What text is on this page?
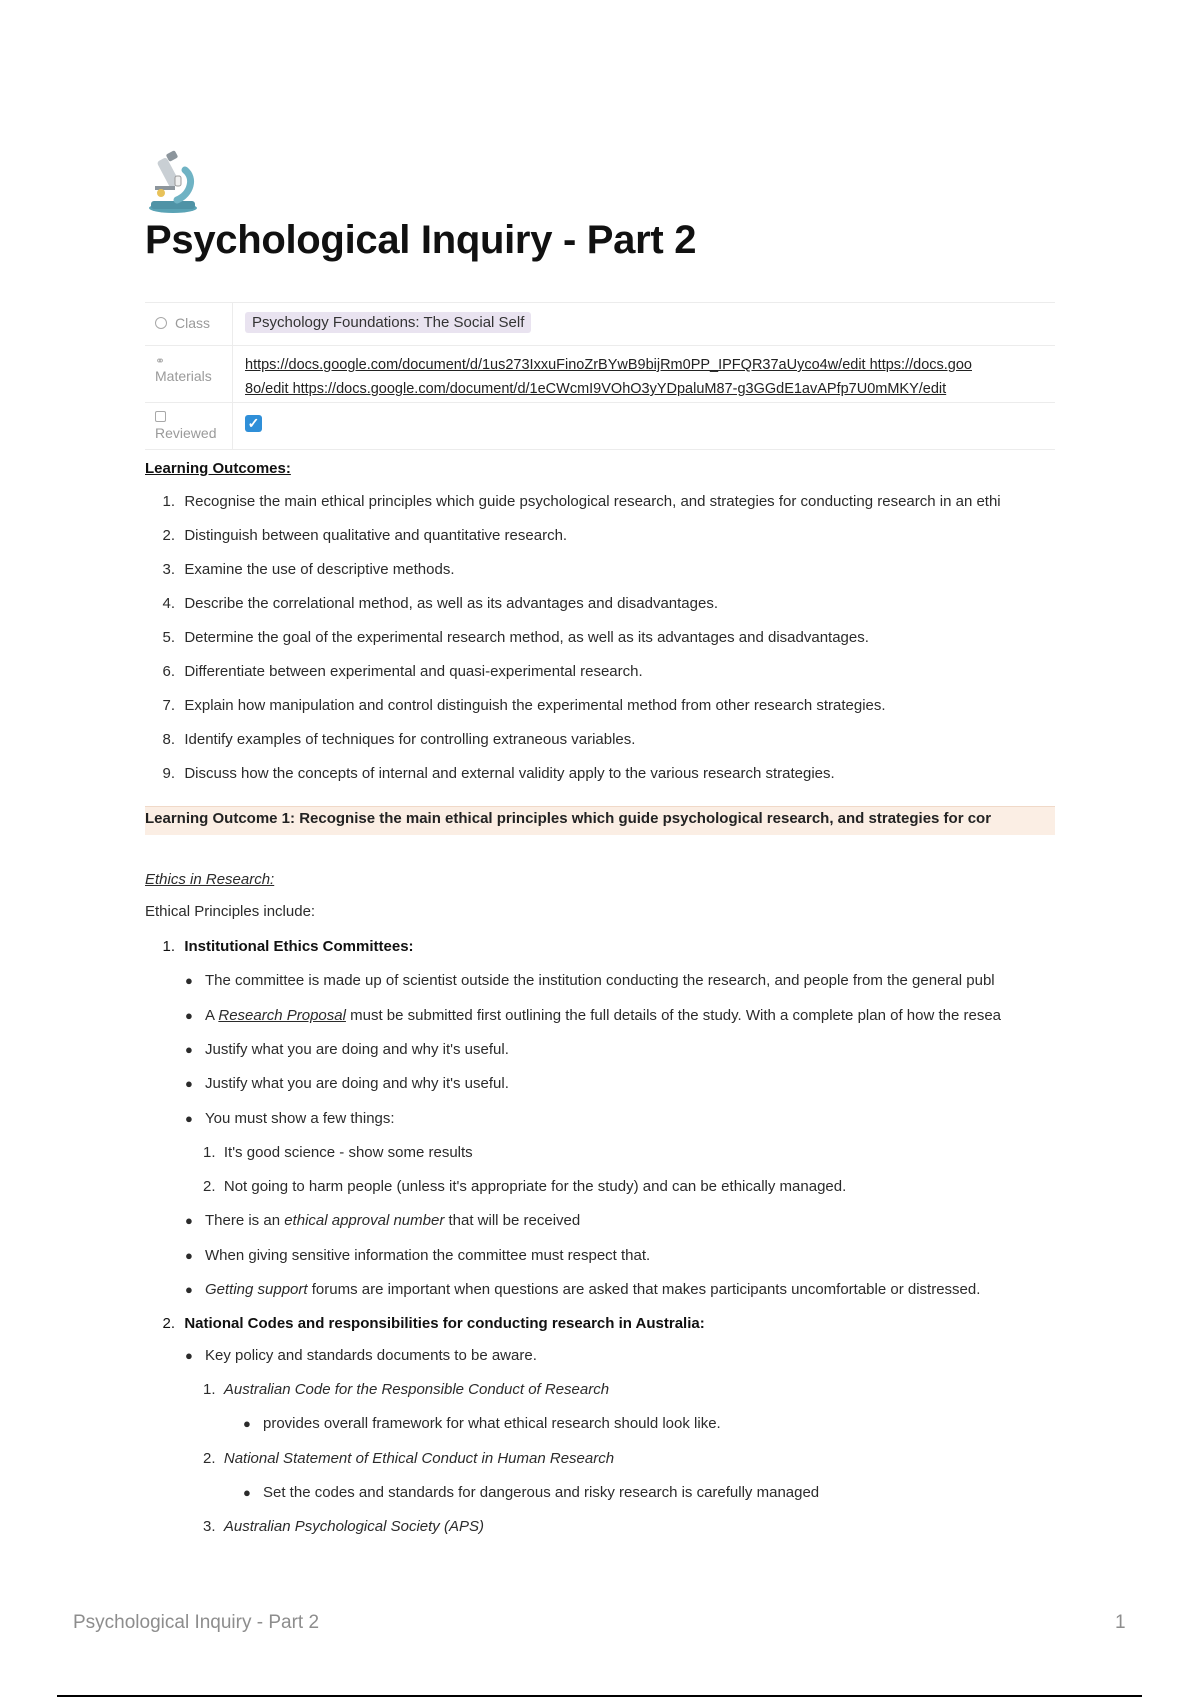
Psychological Inquiry - Part 2
Class	Psychology Foundations: The Social Self
⚭
Materials
https://docs.google.com/document/d/1us273IxxuFinoZrBYwB9bijRm0PP_IPFQR37aUyco4w/edit https://docs.goo
8o/edit https://docs.google.com/document/d/1eCWcmI9VOhO3yYDpaluM87-g3GGdE1avAPfp7U0mMKY/edit
Reviewed
✓
Learning Outcomes:
1. Recognise the main ethical principles which guide psychological research, and strategies for conducting research in an ethi
2. Distinguish between qualitative and quantitative research.
3. Examine the use of descriptive methods.
4. Describe the correlational method, as well as its advantages and disadvantages.
5. Determine the goal of the experimental research method, as well as its advantages and disadvantages.
6. Differentiate between experimental and quasi-experimental research.
7. Explain how manipulation and control distinguish the experimental method from other research strategies.
8. Identify examples of techniques for controlling extraneous variables.
9. Discuss how the concepts of internal and external validity apply to the various research strategies.
Learning Outcome 1: Recognise the main ethical principles which guide psychological research, and strategies for cor
Ethics in Research:
Ethical Principles include:
1. Institutional Ethics Committees:
● The committee is made up of scientist outside the institution conducting the research, and people from the general publ
● A Research Proposal must be submitted first outlining the full details of the study. With a complete plan of how the resea
● Justify what you are doing and why it's useful.
● Justify what you are doing and why it's useful.
● You must show a few things:
1. It's good science - show some results
2. Not going to harm people (unless it's appropriate for the study) and can be ethically managed.
● There is an ethical approval number that will be received
● When giving sensitive information the committee must respect that.
● Getting support forums are important when questions are asked that makes participants uncomfortable or distressed.
2. National Codes and responsibilities for conducting research in Australia:
● Key policy and standards documents to be aware.
1. Australian Code for the Responsible Conduct of Research
● provides overall framework for what ethical research should look like.
2. National Statement of Ethical Conduct in Human Research
● Set the codes and standards for dangerous and risky research is carefully managed
3. Australian Psychological Society (APS)
Psychological Inquiry - Part 2	1
